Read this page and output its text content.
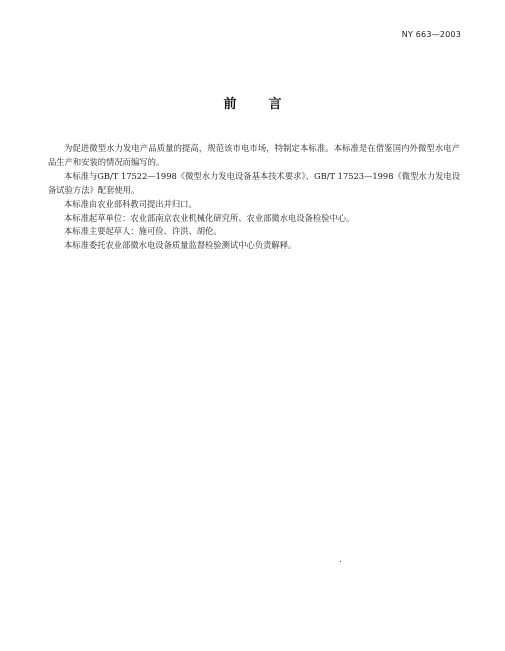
NY 663—2003
前言

为促进微型水力发电产品质量的提高，规范该市电市场，特制定本标准。本标准是在借鉴国内外微型水电产品生产和安装的情况而编写的。

本标准与GB/T 17522—1998《微型水力发电设备基本技术要求》、GB/T 17523—1998《微型水力发电设备试验方法》配套使用。

本标准由农业部科教司提出并归口。

本标准起草单位：农业部南京农业机械化研究所、农业部微水电设备检验中心。

本标准主要起草人：施可俭、许洪、胡伦。

本标准委托农业部微水电设备质量监督检验测试中心负责解释。
